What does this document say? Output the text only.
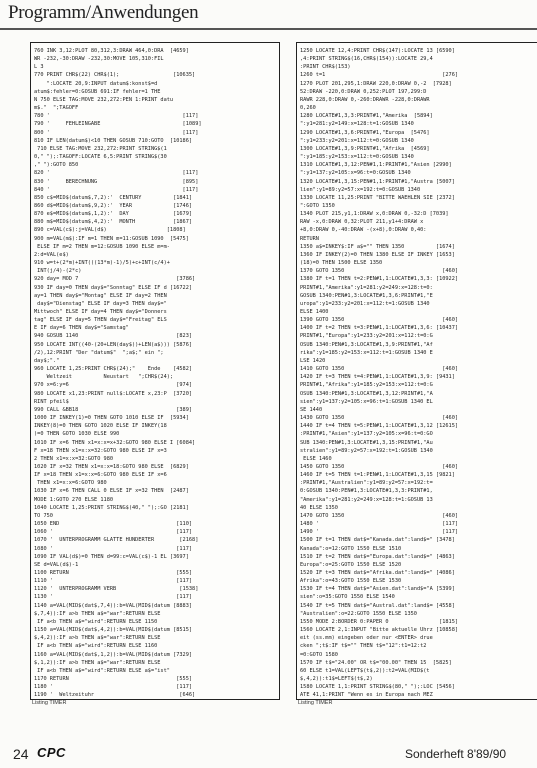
Programm/Anwendungen
760 INK 3,12:PLOT 80,312,3:DRAW 464,0:DRA  [4659]
WR -232,-30:DRAW -232,30:MOVE 105,310:FIL
L 3
770 PRINT CHR$(22) CHR$(1);                 [10635]
":LOCATE 20,9:INPUT datum$:konst$=d
atum$:fehler=0:GOSUB 691:IF fehler=1 THE
N 750 ELSE TAG:MOVE 232,272:PEN 1:PRINT datu
m$."  ";TAGOFF
780 '                                          [117]
790 '     FEHLEINGABE                          [1089]
800 '                                          [117]
810 IF LEN(datum$)<10 THEN GOSUB 710:GOTO  [10186]
710 ELSE TAG:MOVE 232,272:PRINT STRING$(1
0," ");:TAGOFF:LOCATE 6,5:PRINT STRING$(30
," "):GOTO 850
820 '                                          [117]
830 '     BERECHNUNG                           [895]
840 '                                          [117]
850 c$=MID$(datum$,7,2):'  CENTURY          [1841]
860 d$=MID$(datum$,9,2):'  YEAR             [1746]
870 e$=MID$(datum$,1,2):'  DAY              [1679]
880 m$=MID$(datum$,4,2):'  MONTH            [1867]
890 c=VAL(c$):j=VAL(d$)                   [1808]
900 m=VAL(m$):IF m=1 THEN m=11:GOSUB 1090  [5475]
ELSE IF m=2 THEN m=12:GOSUB 1090 ELSE m=m-
2:d=VAL(e$)
910 w=t+(2*m)+INT(((13*m)-1)/5)+c+INT(c/4)+
INT(j/4)-(2*c)
920 day= MOD 7                               [3786]
930 IF day=0 THEN day$="Sonntag" ELSE IF d [16722]
ay=1 THEN day$="Montag" ELSE IF day=2 THEN
day$="Dienstag" ELSE IF day=3 THEN day$="
Mittwoch" ELSE IF day=4 THEN day$="Donners
tag" ELSE IF day=5 THEN day$="Freitag" ELS
E IF day=6 THEN day$="Samstag"
940 GOSUB 1140                               [823]
950 LOCATE INT((40-(20+LEN(day$))+LEN(a$))) [5876]
/2),12:PRINT "Der "datum$"  ";a$;" ein ";
day$;"."
960 LOCATE 1,25:PRINT CHR$(24);"    Ende    [4582]
Weltzeit          Neustart   ";CHR$(24);
970 x=6:y=6                                  [974]
980 LOCATE x1,23:PRINT null$:LOCATE x,23:P  [3720]
RINT pfeil$
990 CALL &BB18                               [389]
1000 IF INKEY(1)=0 THEN GOTO 1010 ELSE IF  [5934]
INKEY(8)=0 THEN GOTO 1020 ELSE IF INKEY(18
)=0 THEN GOTO 1030 ELSE 990
1010 IF x=6 THEN x1=x:x=x+32:GOTO 980 ELSE I [6084]
F x=18 THEN x1=x:x=32:GOTO 980 ELSE IF x=3
2 THEN x1=x:x=32:GOTO 980
1020 IF x=32 THEN x1=x:x=18:GOTO 980 ELSE  [6829]
IF x=18 THEN x1=x:x=6:GOTO 980 ELSE IF x=6
THEN x1=x:x=6:GOTO 980
1030 IF x=6 THEN CALL 0 ELSE IF x=32 THEN  [2487]
MODE 1:GOTO 270 ELSE 1180
1040 LOCATE 1,25:PRINT STRING$(40," ");:GO [2181]
TO 750
1050 END                                     [110]
1060 '                                       [117]
1070 '  UNTERPROGRAMM GLATTE HUNDERTER        [2168]
1080 '                                       [117]
1090 IF VAL(d$)=0 THEN d=99:c=VAL(c$)-1 EL [3697]
SE d=VAL(d$)-1
1100 RETURN                                  [555]
1110 '                                       [117]
1120 '  UNTERPROGRAMM VERB                    [1538]
1130 '                                       [117]
1140 a=VAL(MID$(dat$,7,4)):b=VAL(MID$(datum [8883]
$,7,4)):IF a>b THEN a$="war":RETURN ELSE
IF a<b THEN a$="wird":RETURN ELSE 1150
1150 a=VAL(MID$(dat$,4,2)):b=VAL(MID$(datum [8515]
$,4,2)):IF a>b THEN a$="war":RETURN ELSE
IF a<b THEN a$="wird":RETURN ELSE 1160
1160 a=VAL(MID$(dat$,1,2)):b=VAL(MID$(datum [7329]
$,1,2)):IF a>b THEN a$="war":RETURN ELSE
IF a<b THEN a$="wird":RETURN ELSE a$="ist"
1170 RETURN                                  [555]
1180 '                                       [117]
1190 '  Weltzeituhr                           [646]

Listing TIMER
1250 LOCATE 12,4:PRINT CHR$(147):LOCATE 13 [6590]
,4:PRINT STRING$(16,CHR$(154)):LOCATE 29,4
:PRINT CHR$(153)
1260 t=1                                     [276]
1270 PLOT 201,295,1:DRAW 220,0:DRAW 0,-2  [7928]
52:DRAW -220,0:DRAW 0,252:PLOT 197,299:D
RAWR 228,0:DRAW 0,-260:DRAWR -228,0:DRAWR
0,260
1280 LOCATE#1,3,3:PRINT#1,"Amerika  [5894]
":y1=281:y2=149:x=128:t=1:GOSUB 1340
1290 LOCATE#1,3,6:PRINT#1,"Europa  [5476]
":y1=233:y2=201:x=112:t=0:GOSUB 1340
1300 LOCATE#1,3,9:PRINT#1,"Afrika  [4569]
":y1=185:y2=153:x=112:t=0:GOSUB 1340
1310 LOCATE#1,3,12:PEN#1,1:PRINT#1,"Asien [2990]
":y1=137:y2=105:x=96:t=0:GOSUB 1340
1320 LOCATE#1,3,15:PEN#1,1:PRINT#1,"Austra [5007]
lien":y1=89:y2=57:x=192:t=0:GOSUB 1340
1330 LOCATE 11,25:PRINT "BITTE WAEHLEN SIE [2372]
":GOTO 1350
1340 PLOT 215,y1,1:DRAW x,0:DRAW 0,-32:D [7039]
RAW -x,0:DRAW 0,32:PLOT 211,y1+4:DRAW x
+8,0:DRAW 0,-40:DRAW -(x+8),0:DRAW 0,40:
RETURN
1350 a$=INKEY$:IF a$="" THEN 1350          [1674]
1360 IF INKEY(2)=0 THEN 1380 ELSE IF INKEY [1653]
(18)=0 THEN 1500 ELSE 1350
1370 GOTO 1350                               [460]
1380 IF t=1 THEN t=2:PEN#1,1:LOCATE#1,3,3: [10922]
PRINT#1,"Amerika":y1=281:y2=249:x=128:t=0:
GOSUB 1340:PEN#1,3:LOCATE#1,3,6:PRINT#1,"E
uropa":y1=233:y2=201:x=112:t=1:GOSUB 1340
ELSE 1400
1390 GOTO 1350                               [460]
1400 IF t=2 THEN t=3:PEN#1,1:LOCATE#1,3,6: [10437]
PRINT#1,"Europa":y1=233:y2=201:x=112:t=0:G
OSUB 1340:PEN#1,3:LOCATE#1,3,9:PRINT#1,"Af
rika":y1=185:y2=153:x=112:t=1:GOSUB 1340 E
LSE 1420
1410 GOTO 1350                               [460]
1420 IF t=3 THEN t=4:PEN#1,1:LOCATE#1,3,9: [9431]
PRINT#1,"Afrika":y1=185:y2=153:x=112:t=0:G
OSUB 1340:PEN#1,3:LOCATE#1,3,12:PRINT#1,"A
sien":y1=137:y2=105:x=96:t=1:GOSUB 1340 EL
SE 1440
1430 GOTO 1350                               [460]
1440 IF t=4 THEN t=5:PEN#1,1:LOCATE#1,3,12 [12615]
:PRINT#1,"Asien":y1=137:y2=105:x=96:t=0:GO
SUB 1340:PEN#1,3:LOCATE#1,3,15:PRINT#1,"Au
stralien":y1=89:y2=57:x=192:t=1:GOSUB 1340
ELSE 1460
1450 GOTO 1350                               [460]
1460 IF t=5 THEN t=1:PEN#1,1:LOCATE#1,3,15 [9821]
:PRINT#1,"Australien":y1=89:y2=57:x=192:t=
0:GOSUB 1340:PEN#1,3:LOCATE#1,3,3:PRINT#1,
"Amerika":y1=281:y2=249:x=128:t=1:GOSUB 13
40 ELSE 1350
1470 GOTO 1350                               [460]
1480 '                                       [117]
1490 '                                       [117]
1500 IF t=1 THEN dat$="Kanada.dat":land$=" [3478]
Kanada":o=12:GOTO 1550 ELSE 1510
1510 IF t=2 THEN dat$="Europa.dat":land$=" [4863]
Europa":o=25:GOTO 1550 ELSE 1520
1520 IF t=3 THEN dat$="Afrika.dat":land$=" [4086]
Afrika":o=43:GOTO 1550 ELSE 1530
1530 IF t=4 THEN dat$="Asien.dat":land$="A [5399]
sien":o=35:GOTO 1550 ELSE 1540
1540 IF t=5 THEN dat$="Austral.dat":land$= [4558]
"Australien":o=22:GOTO 1550 ELSE 1350
1550 MODE 2:BORDER 0:PAPER 0                [1815]
1560 LOCATE 2,1:INPUT "Bitte aktuelle Uhrz [10858]
eit (ss.mm) eingeben oder nur <ENTER> drue
cken ";t$:IF t$="" THEN t$="12":t1=12:t2
=0:GOTO 1580
1570 IF t$="24.00" OR t$="00.00" THEN 15  [5825]
60 ELSE t1=VAL(LEFT$(t$,2)):t2=VAL(MID$(t
$,4,2)):t1$=LEFT$(t$,2)
1580 LOCATE 1,1:PRINT STRING$(80," ");:LOC [5456]
ATE 41,1:PRINT "Wenn es in Europa nach MEZ

Listing TIMER
24 CPC	Sonderheft 8'89/90
